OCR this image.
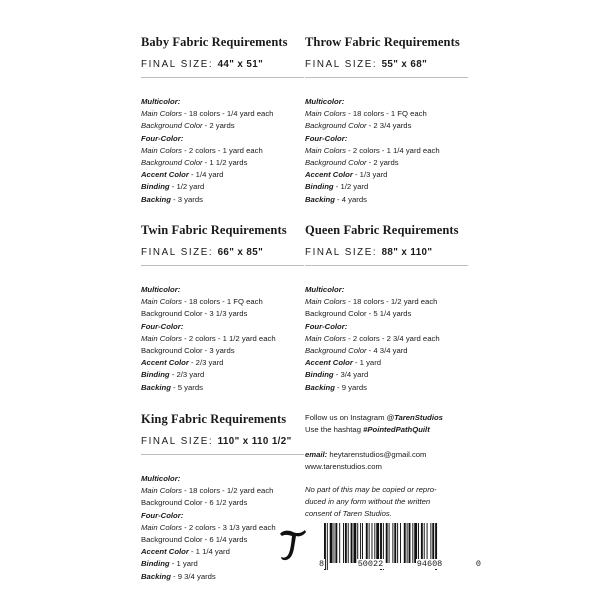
Baby Fabric Requirements
FINAL SIZE: 44" x 51"
Multicolor:
Main Colors - 18 colors - 1/4 yard each
Background Color - 2 yards
Four-Color:
Main Colors - 2 colors - 1 yard each
Background Color - 1 1/2 yards
Accent Color - 1/4 yard
Binding - 1/2 yard
Backing - 3 yards
Throw Fabric Requirements
FINAL SIZE: 55" x 68"
Multicolor:
Main Colors - 18 colors - 1 FQ each
Background Color - 2 3/4 yards
Four-Color:
Main Colors - 2 colors - 1 1/4 yard each
Background Color - 2 yards
Accent Color - 1/3 yard
Binding - 1/2 yard
Backing - 4 yards
Twin Fabric Requirements
FINAL SIZE: 66" x 85"
Multicolor:
Main Colors - 18 colors - 1 FQ each
Background Color - 3 1/3 yards
Four-Color:
Main Colors - 2 colors - 1 1/2 yard each
Background Color - 3 yards
Accent Color - 2/3 yard
Binding - 2/3 yard
Backing - 5 yards
Queen Fabric Requirements
FINAL SIZE: 88" x 110"
Multicolor:
Main Colors - 18 colors - 1/2 yard each
Background Color - 5 1/4 yards
Four-Color:
Main Colors - 2 colors - 2 3/4 yard each
Background Color - 4 3/4 yard
Accent Color - 1 yard
Binding - 3/4 yard
Backing - 9 yards
King Fabric Requirements
FINAL SIZE: 110" x 110 1/2"
Multicolor:
Main Colors - 18 colors - 1/2 yard each
Background Color - 6 1/2 yards
Four-Color:
Main Colors - 2 colors - 3 1/3 yard each
Background Color - 6 1/4 yards
Accent Color - 1 1/4 yard
Binding - 1 yard
Backing - 9 3/4 yards
Follow us on Instagram @TarenStudios
Use the hashtag #PointedPathQuilt
email: heytarenstudios@gmail.com
www.tarenstudios.com
No part of this may be copied or repro-
duced in any form without the written
consent of Taren Studios.
8	50022	94608	0
